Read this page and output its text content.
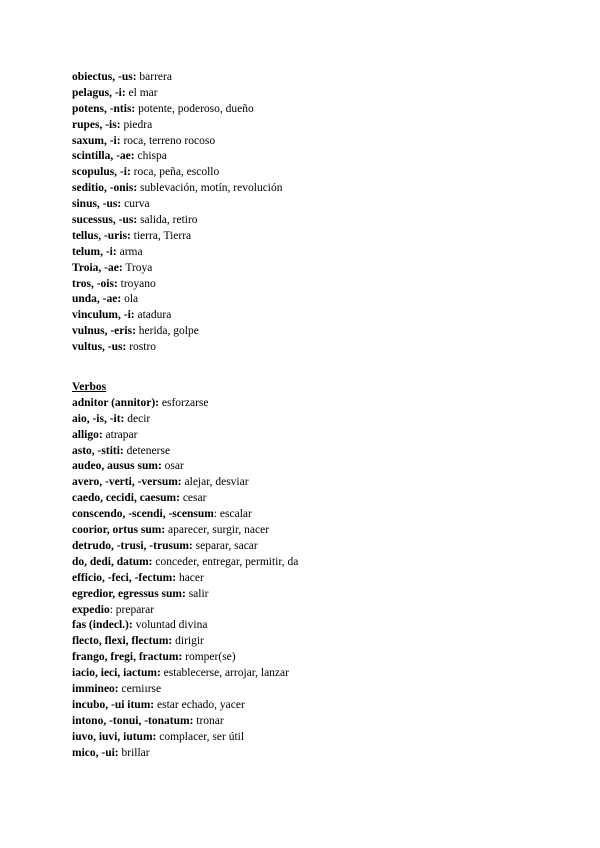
obiectus, -us: barrera
pelagus, -i: el mar
potens, -ntis: potente, poderoso, dueño
rupes, -is: piedra
saxum, -i: roca, terreno rocoso
scintilla, -ae: chispa
scopulus, -i: roca, peña, escollo
seditio, -onis: sublevación, motín, revolución
sinus, -us: curva
sucessus, -us: salida, retiro
tellus, -uris: tierra, Tierra
telum, -i: arma
Troia, -ae: Troya
tros, -ois: troyano
unda, -ae: ola
vinculum, -i: atadura
vulnus, -eris: herida, golpe
vultus, -us: rostro
Verbos
adnitor (annitor): esforzarse
aio, -is, -it: decir
alligo: atrapar
asto, -stiti: detenerse
audeo, ausus sum: osar
avero, -verti, -versum: alejar, desviar
caedo, cecidi, caesum: cesar
conscendo, -scendi, -scensum: escalar
coorior, ortus sum: aparecer, surgir, nacer
detrudo, -trusi, -trusum: separar, sacar
do, dedi, datum: conceder, entregar, permitir, da
efficio, -feci, -fectum: hacer
egredior, egressus sum: salir
expedio: preparar
fas (indecl.): voluntad divina
flecto, flexi, flectum: dirigir
frango, fregi, fractum: romper(se)
iacio, ieci, iactum: establecerse, arrojar, lanzar
immineo: cerniırse
incubo, -ui itum: estar echado, yacer
intono, -tonui, -tonatum: tronar
iuvo, iuvi, iutum: complacer, ser útil
mico, -ui: brillar
